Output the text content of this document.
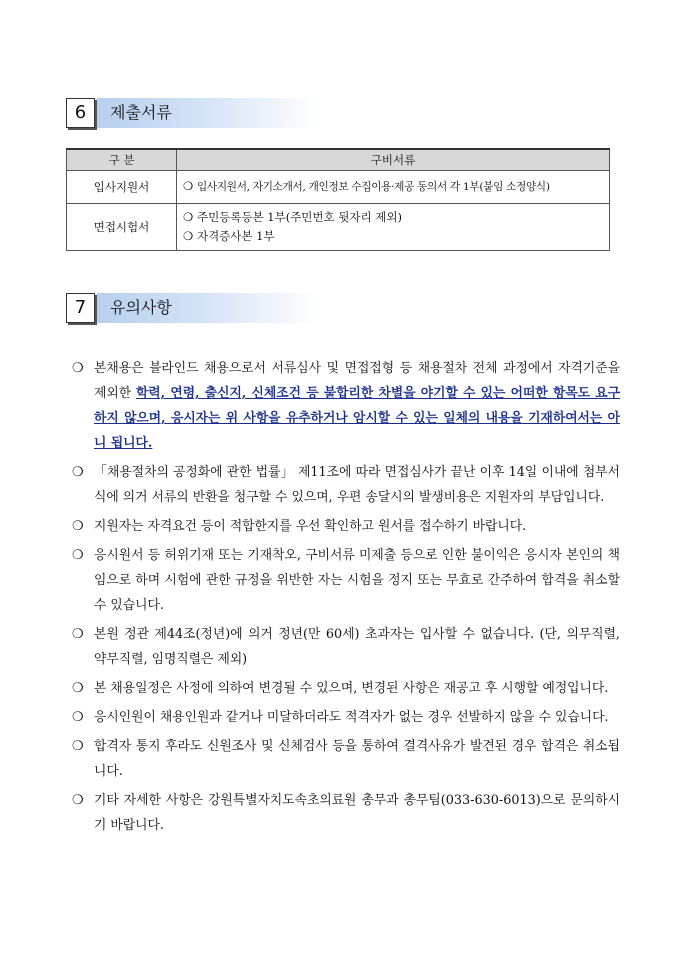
6	제출서류
구 분	구비서류
입사지원서	❍ 입사지원서, 자기소개서, 개인정보 수집이용·제공 동의서 각 1부(붙임 소정양식)

면접시험서	❍ 주민등록등본 1부(주민번호 뒷자리 제외)
❍ 자격증사본 1부
7	유의사항
❍ 본채용은 블라인드 채용으로서 서류심사 및 면접접형 등 채용절차 전체 과정에서 자격기준을 제외한 학력, 연령, 출신지, 신체조건 등 불합리한 차별을 야기할 수 있는 어떠한 항목도 요구하지 않으며, 응시자는 위 사항을 유추하거나 암시할 수 있는 일체의 내용을 기재하여서는 아니 됩니다.
❍ 「채용절차의 공정화에 관한 법률」 제11조에 따라 면접심사가 끝난 이후 14일 이내에 첨부서식에 의거 서류의 반환을 청구할 수 있으며, 우편 송달시의 발생비용은 지원자의 부담입니다.
❍ 지원자는 자격요건 등이 적합한지를 우선 확인하고 원서를 접수하기 바랍니다.
❍ 응시원서 등 허위기재 또는 기재착오, 구비서류 미제출 등으로 인한 불이익은 응시자 본인의 책임으로 하며 시험에 관한 규정을 위반한 자는 시험을 정지 또는 무효로 간주하여 합격을 취소할 수 있습니다.
❍ 본원 정관 제44조(정년)에 의거 정년(만 60세) 초과자는 입사할 수 없습니다. (단, 의무직렬, 약무직렬, 임명직렬은 제외)
❍ 본 채용일정은 사정에 의하여 변경될 수 있으며, 변경된 사항은 재공고 후 시행할 예정입니다.
❍ 응시인원이 채용인원과 같거나 미달하더라도 적격자가 없는 경우 선발하지 않을 수 있습니다.
❍ 합격자 통지 후라도 신원조사 및 신체검사 등을 통하여 결격사유가 발견된 경우 합격은 취소됩니다.
❍ 기타 자세한 사항은 강원특별자치도속초의료원 총무과 총무팀(033-630-6013)으로 문의하시기 바랍니다.
